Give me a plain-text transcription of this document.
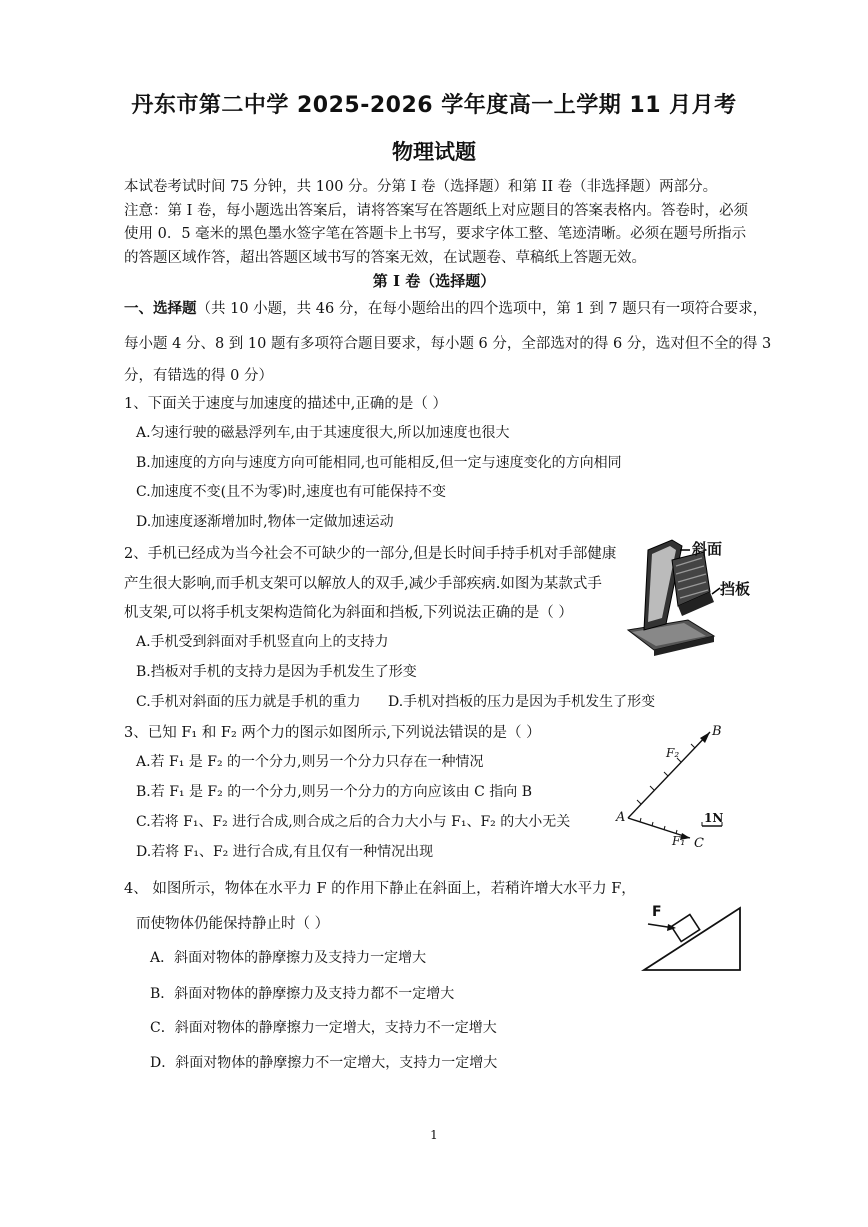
丹东市第二中学 2025-2026 学年度高一上学期 11 月月考
物理试题
本试卷考试时间 75 分钟，共 100 分。分第 I 卷（选择题）和第 II 卷（非选择题）两部分。
注意：第 I 卷，每小题选出答案后，请将答案写在答题纸上对应题目的答案表格内。答卷时，必须
使用 0．5 毫米的黑色墨水签字笔在答题卡上书写，要求字体工整、笔迹清晰。必须在题号所指示
的答题区域作答，超出答题区域书写的答案无效，在试题卷、草稿纸上答题无效。
第 I 卷（选择题）
一、选择题（共 10 小题，共 46 分，在每小题给出的四个选项中，第 1 到 7 题只有一项符合要求，
每小题 4 分、8 到 10 题有多项符合题目要求，每小题 6 分，全部选对的得 6 分，选对但不全的得 3
分，有错选的得 0 分）
1、下面关于速度与加速度的描述中,正确的是（ ）
A.匀速行驶的磁悬浮列车,由于其速度很大,所以加速度也很大
B.加速度的方向与速度方向可能相同,也可能相反,但一定与速度变化的方向相同
C.加速度不变(且不为零)时,速度也有可能保持不变
D.加速度逐渐增加时,物体一定做加速运动
2、手机已经成为当今社会不可缺少的一部分,但是长时间手持手机对手部健康
产生很大影响,而手机支架可以解放人的双手,减少手部疾病.如图为某款式手
机支架,可以将手机支架构造简化为斜面和挡板,下列说法正确的是（ ）
A.手机受到斜面对手机竖直向上的支持力
B.挡板对手机的支持力是因为手机发生了形变
C.手机对斜面的压力就是手机的重力 D.手机对挡板的压力是因为手机发生了形变
斜面
挡板
3、已知 F₁ 和 F₂ 两个力的图示如图所示,下列说法错误的是（ ）
A.若 F₁ 是 F₂ 的一个分力,则另一个分力只存在一种情况
B.若 F₁ 是 F₂ 的一个分力,则另一个分力的方向应该由 C 指向 B
C.若将 F₁、F₂ 进行合成,则合成之后的合力大小与 F₁、F₂ 的大小无关
D.若将 F₁、F₂ 进行合成,有且仅有一种情况出现
A
B
C
F₂
F₁
1N
4、 如图所示，物体在水平力 F 的作用下静止在斜面上，若稍许增大水平力 F，
而使物体仍能保持静止时（ ）
A．斜面对物体的静摩擦力及支持力一定增大
B．斜面对物体的静摩擦力及支持力都不一定增大
C．斜面对物体的静摩擦力一定增大，支持力不一定增大
D．斜面对物体的静摩擦力不一定增大，支持力一定增大
F
1
